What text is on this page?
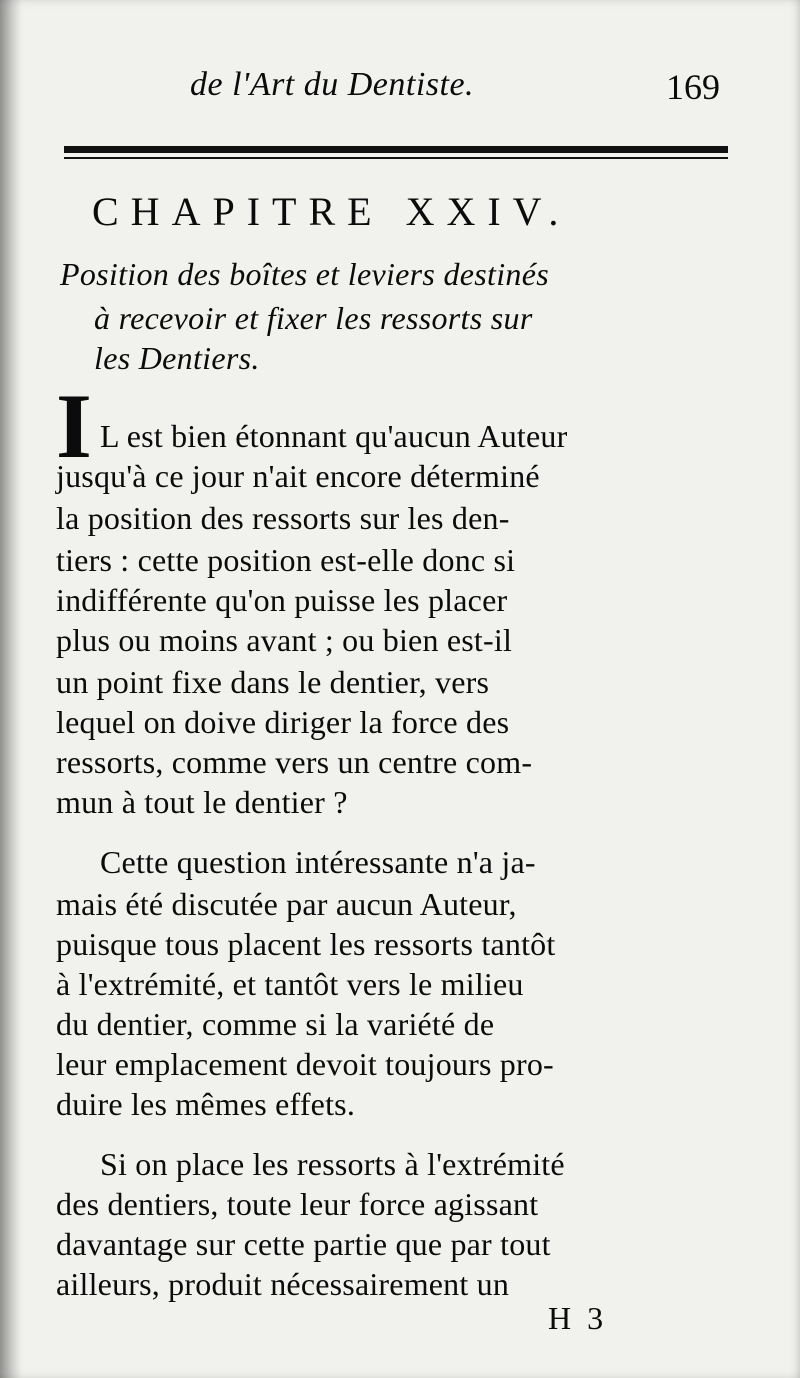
de l'Art du Dentiste.	169
CHAPITRE XXIV.
Position des boîtes et leviers destinés
à recevoir et fixer les ressorts sur
les Dentiers.
I L est bien étonnant qu'aucun Auteur
jusqu'à ce jour n'ait encore déterminé
la position des ressorts sur les den-
tiers : cette position est-elle donc si
indifférente qu'on puisse les placer
plus ou moins avant ; ou bien est-il
un point fixe dans le dentier, vers
lequel on doive diriger la force des
ressorts, comme vers un centre com-
mun à tout le dentier ?
Cette question intéressante n'a ja-
mais été discutée par aucun Auteur,
puisque tous placent les ressorts tantôt
à l'extrémité, et tantôt vers le milieu
du dentier, comme si la variété de
leur emplacement devoit toujours pro-
duire les mêmes effets.
Si on place les ressorts à l'extrémité
des dentiers, toute leur force agissant
davantage sur cette partie que par tout
ailleurs, produit nécessairement un
H 3
